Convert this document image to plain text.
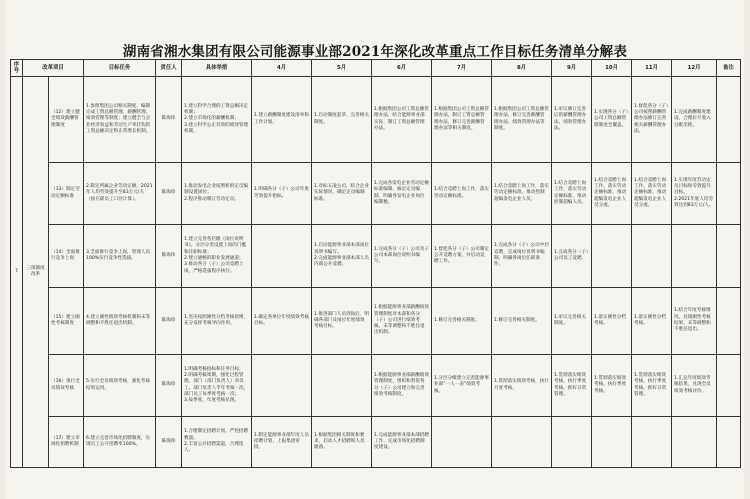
湖南省湘水集团有限公司能源事业部2021年深化改革重点工作目标任务清单分解表
序号	改革项目		目标任务	责任人	具体举措	4月	5月	6月	7月	8月	9月	10月	11月	12月	备注
7	三项制度改革	（12）建立健全绩效薪酬管理制度	1.参照集团公司相关制度，编制完成工资总额管理、薪酬管理、绩效管理等制度；建立健全与企业经济效益和劳动生产率挂钩的工资总额决定和正常增长机制。	陈海珍	1.建立科学合理的工资总额决定机制；
2.建立市场化的薪酬机制；
3.建立科学公正有效的绩效管理机制。	1.建立薪酬制度建设清单和工作计划。	1.启动制度起草、完善相关制度。	1.根据集团公司工资总额管理办法，结合能源事业部实际，制订工资总额管理办法。	1.根据集团公司工资总额管理办法，制订工资总额管理办法，修订完善薪酬管理办法等相关制度。	1.根据集团公司工资总额管理办法，修订完善薪酬管理办法、绩效管理办法等制度。	1.审议修订完善后的薪酬管理办法、绩效管理办法。	1.实现各分（子）公司工资总额管理制度全覆盖。	1.督促各分（子）公司按照薪酬管理办法修订完善相关薪酬管理办法。	1.完成薪酬制度建设，合理拉开收入分配差距。	
		（13）制定劳动定额标准	2.制定所属企业劳动定额，2021年人均劳效提升至83万元/人（按在职员工口径计算）。	陈海珍	1.推动发电企业按照机组定员编制设置岗位；
2.程序推动制订劳动定员。	1.明确各分（子）公司年度劳效提升指标。	1.对标五凌公司，结合企业实际情况，确定定员编制标准。	1.完成各发电企业劳动定额标准编制，核定定员编制，明确各发电企业岗位编制数。	1.结合竞聘上岗工作，落实劳动定额标准。	1.结合竞聘上岗工作，落实劳动定额标准，推动控制超编发电企业人员。	1.结合竞聘上岗工作，落实劳动定额标准，推动控制超编人员。	1.结合竞聘上岗工作，落实劳动定额标准，推动超编发电企业人员分流。	1.结合竞聘上岗工作，落实劳动定额标准，推动超编发电企业人员分流。	1.实现年度劳动定员目标和劳效提升目标。
2.2021年底人均劳效达到83万元/人。	
		（14）全面推行竞争上岗	3.全面推行竞争上岗，管理人员100%实行竞争性选拔。	陈海珍	1.建立完善各层级《岗位说明书》，分层分类设置上岗的门槛和任职标准；
2.建立通畅的职业发展通道；
3.推动各分（子）公司竞聘上岗，严格选拔程序执行。		1.启动能源事业部本部岗位说明书编写。
2.完成能源事业部本部人员内部公开竞聘。	1.完成各分（子）公司及子公司本部岗位说明书编写。	1.督促各分（子）公司制定公开竞聘方案，并启动竞聘工作。	1.完成各分（子）公司中层竞聘，完成岗位说明书编制，明确各岗位任职条件。	1.完成各分（子）公司员工竞聘。				
		（15）建立刚性考核制度	4.建立刚性绩效考核机制和末等调整和不胜任退出机制。	陈海珍	1.坚决按照刚性分档考核原则，充分发挥考核导向作用。	1.确定各单位年度绩效考核目标。	1.推进部门人员到岗后，明确各部门及岗位年度绩效考核目标。	1.根据能源事业部薪酬绩效管理制度对本部和各分（子）公司进行绩效考核，末等调整和不胜任退出机制。	1.修订完善相关制度。	1.修订完善相关制度。	1.审议完善相关制度。	1.落实刚性分档考核。	1.落实刚性分档考核。	1.结合年度考核情况，兑现刚性考核结果，末等调整和不胜任退出。	
		（16）推行全员绩效考核	5.实行全员绩效考核，强化考核结果运用。	陈海珍	1.明确考核指标和任务目标；
2.明确考核周期，强化过程管理，部门（部门负责人）对员工、部门负责人半年考核一次，部门员工每季度考核一次；
3.按季度、年度考核兑现。			1.根据能源事业部薪酬绩效管理制度，组织和督促各分（子）公司建立和完善绩效考核制度。	1.分层分级建立完善能源事业部“一人一表”绩效考核。	1.贯彻落实绩效考核，执行月度考核。	1.贯彻落实绩效考核，执行季度考核，抓好日常管理。	1.贯彻落实绩效考核，执行季度考核。	1.贯彻落实绩效考核，执行季度考核，抓好日常管理。	1.汇总年度绩效考核结果，兑现全员绩效考核评价。	
		（17）建立市场化招聘机制	6.建立完善市场化招聘制度，实现员工公开招聘率100%。	陈海珍	1.合理制定招聘计划，严控招聘数量。
2.丰富公开招聘渠道，合理选人。	1.制定能源事业部年度人员招聘计划，上报集团审批。	1.根据集团相关制度和要求，启动人才招聘和人员储备。	1.完成能源事业部本部招聘工作，完成市场化招聘制度建设。							
